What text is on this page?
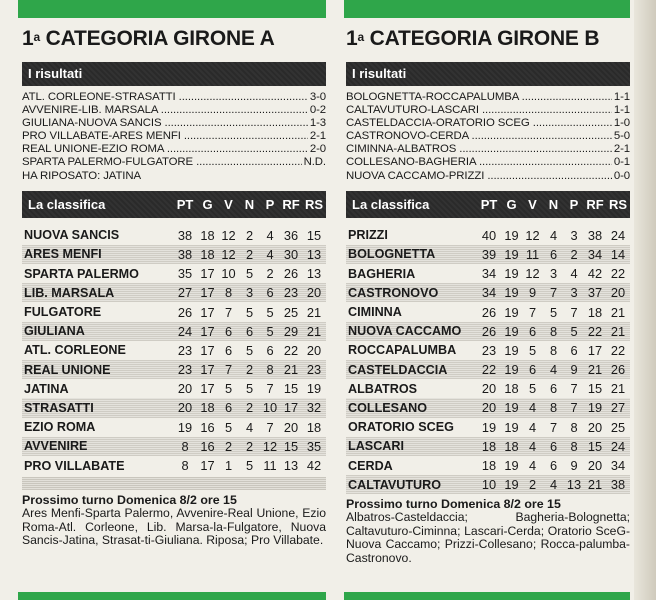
1$^a$ CATEGORIA GIRONE A
I risultati
ATL. CORLEONE-STRASATTI .....	3-0
AVVENIRE-LIB. MARSALA .....	0-2
GIULIANA-NUOVA SANCIS .....	1-3
PRO VILLABATE-ARES MENFI .....	2-1
REAL UNIONE-EZIO ROMA .....	2-0
SPARTA PALERMO-FULGATORE .....	N.D.
HA RIPOSATO: JATINA
La classifica	PT G V N P RF RS
NUOVA SANCIS	38 18 12 2	4 36 15
ARES MENFI	38 18 12 2	4 30 13
SPARTA PALERMO	35 17 10 5	2 26 13
LIB. MARSALA	27 17 8	3	6 23 20
FULGATORE	26 17 7	5	5 25 21
GIULIANA	24 17 6	6	5 29 21
ATL. CORLEONE	23 17 6	5	6 22 20
REAL UNIONE	23 17 7	2	8 21 23
JATINA	20 17 5	5	7 15 19
STRASATTI	20 18 6	2 10 17 32
EZIO ROMA	19 16 5	4	7 20 18
AVVENIRE	8 16 2	2 12 15 35
PRO VILLABATE	8 17 1	5 11 13 42
Prossimo turno Domenica 8/2 ore 15
Ares Menfi-Sparta Palermo, Avvenire-Real Unione, Ezio Roma-Atl. Corleone, Lib. Marsa-la-Fulgatore, Nuova Sancis-Jatina, Strasat-ti-Giuliana. Riposa; Pro Villabate.
1$^a$ CATEGORIA GIRONE B
I risultati
BOLOGNETTA-ROCCAPALUMBA .....	1-1
CALTAVUTURO-LASCARI .....	1-1
CASTELDACCIA-ORATORIO SCEG .....	1-0
CASTRONOVO-CERDA .....	5-0
CIMINNA-ALBATROS .....	2-1
COLLESANO-BAGHERIA .....	0-1
NUOVA CACCAMO-PRIZZI .....	0-0
La classifica	PT G V N P RF RS
PRIZZI	40 19 12 4	3 38 24
BOLOGNETTA	39 19 11 6	2 34 14
BAGHERIA	34 19 12 3	4 42 22
CASTRONOVO	34 19 9	7	3 37 20
CIMINNA	26 19 7	5	7 18 21
NUOVA CACCAMO	26 19 6	8	5 22 21
ROCCAPALUMBA	23 19 5	8	6 17 22
CASTELDACCIA	22 19 6	4	9 21 26
ALBATROS	20 18 5	6	7 15 21
COLLESANO	20 19 4	8	7 19 27
ORATORIO SCEG	19 19 4	7	8 20 25
LASCARI	18 18 4	6	8 15 24
CERDA	18 19 4	6	9 20 34
CALTAVUTURO	10 19 2	4 13 21 38
Prossimo turno Domenica 8/2 ore 15
Albatros-Casteldaccia; Bagheria-Bolognetta; Caltavuturo-Ciminna; Lascari-Cerda; Oratorio SceG-Nuova Caccamo; Prizzi-Collesano; Rocca-palumba-Castronovo.
